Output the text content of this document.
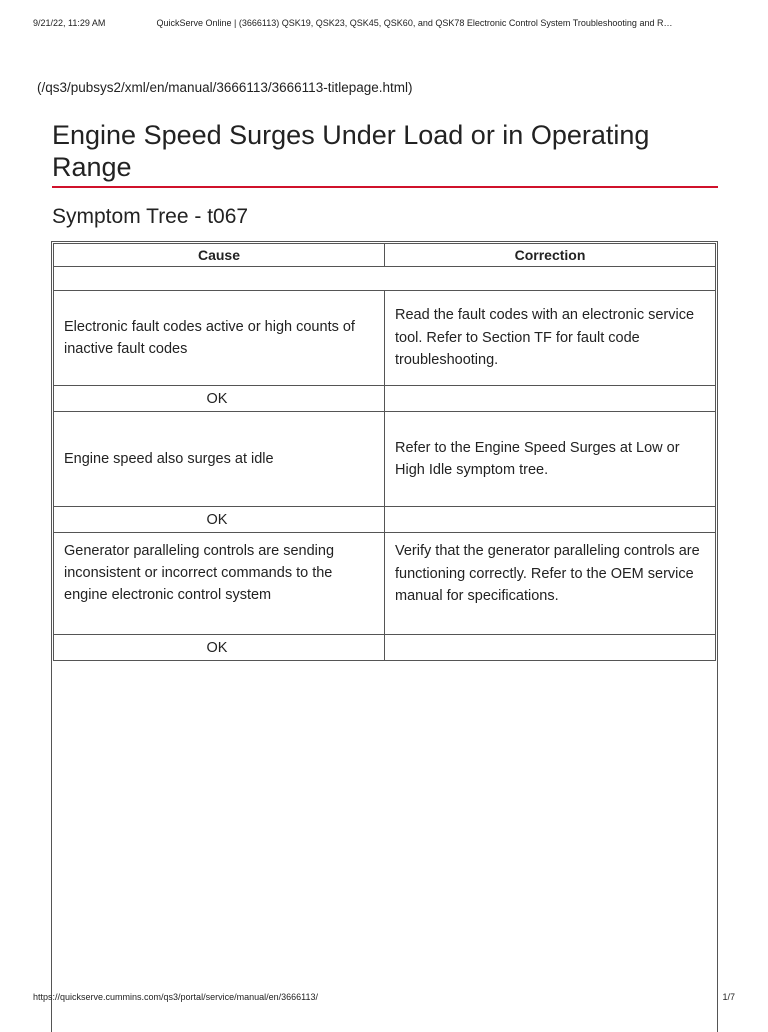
9/21/22, 11:29 AM	QuickServe Online | (3666113) QSK19, QSK23, QSK45, QSK60, and QSK78 Electronic Control System Troubleshooting and R…
(/qs3/pubsys2/xml/en/manual/3666113/3666113-titlepage.html)
Engine Speed Surges Under Load or in Operating Range
Symptom Tree - t067
Cause	Correction

Electronic fault codes active or high counts of inactive fault codes	Read the fault codes with an electronic service tool. Refer to Section TF for fault code troubleshooting.
OK	
Engine speed also surges at idle	Refer to the Engine Speed Surges at Low or High Idle symptom tree.
OK	
Generator paralleling controls are sending inconsistent or incorrect commands to the engine electronic control system	Verify that the generator paralleling controls are functioning correctly. Refer to the OEM service manual for specifications.
OK	
https://quickserve.cummins.com/qs3/portal/service/manual/en/3666113/	1/7
